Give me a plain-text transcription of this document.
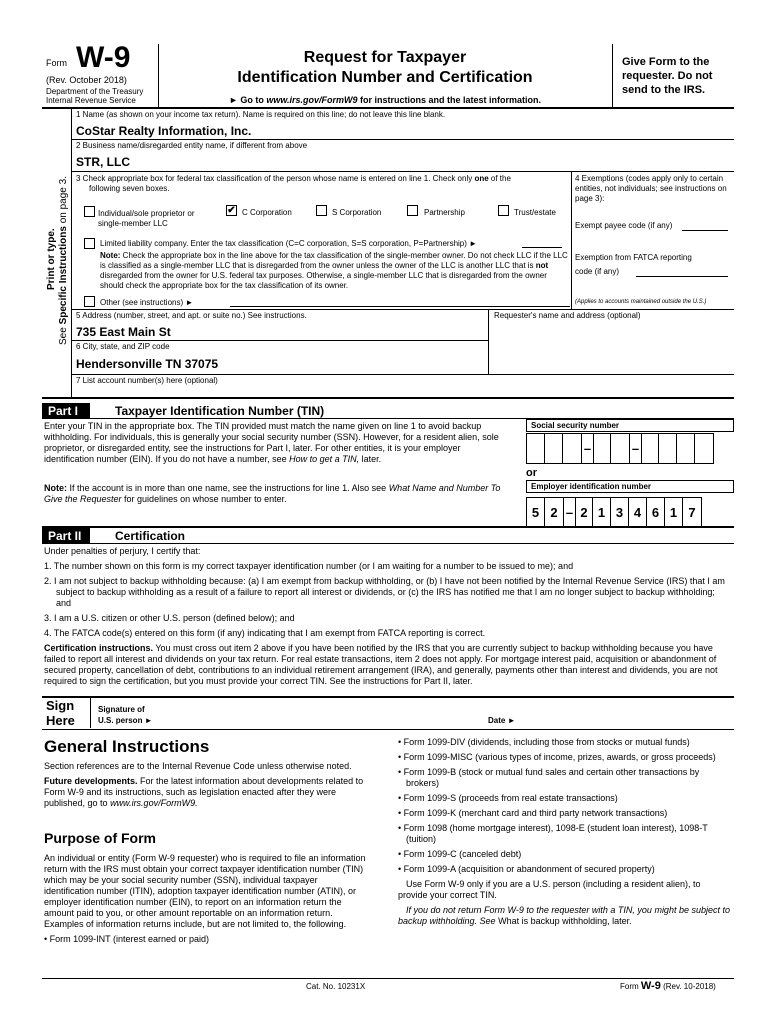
Form W-9
(Rev. October 2018)
Department of the Treasury
Internal Revenue Service
Request for Taxpayer
Identification Number and Certification
► Go to www.irs.gov/FormW9 for instructions and the latest information.
Give Form to the requester. Do not send to the IRS.
Print or type.
See Specific Instructions on page 3.
1 Name (as shown on your income tax return). Name is required on this line; do not leave this line blank.
CoStar Realty Information, Inc.
2 Business name/disregarded entity name, if different from above
STR, LLC
3 Check appropriate box for federal tax classification of the person whose name is entered on line 1. Check only one of the
following seven boxes.
Individual/sole proprietor or single-member LLC
✔ C Corporation	S Corporation	Partnership	Trust/estate
Limited liability company. Enter the tax classification (C=C corporation, S=S corporation, P=Partnership) ►
Note: Check the appropriate box in the line above for the tax classification of the single-member owner. Do not check LLC if the LLC is classified as a single-member LLC that is disregarded from the owner unless the owner of the LLC is another LLC that is not disregarded from the owner for U.S. federal tax purposes. Otherwise, a single-member LLC that is disregarded from the owner should check the appropriate box for the tax classification of its owner.
Other (see instructions) ►
4 Exemptions (codes apply only to certain entities, not individuals; see instructions on page 3):
Exempt payee code (if any)
Exemption from FATCA reporting
code (if any)
(Applies to accounts maintained outside the U.S.)
5 Address (number, street, and apt. or suite no.) See instructions.	Requester's name and address (optional)
735 East Main St
6 City, state, and ZIP code
Hendersonville TN 37075
7 List account number(s) here (optional)
Part I	Taxpayer Identification Number (TIN)
Enter your TIN in the appropriate box. The TIN provided must match the name given on line 1 to avoid backup withholding. For individuals, this is generally your social security number (SSN). However, for a resident alien, sole proprietor, or disregarded entity, see the instructions for Part I, later. For other entities, it is your employer identification number (EIN). If you do not have a number, see How to get a TIN, later.
Note: If the account is in more than one name, see the instructions for line 1. Also see What Name and Number To Give the Requester for guidelines on whose number to enter.
Social security number
–	–
or
Employer identification number
5 2 – 2 1 3 4 6 1 7
Part II	Certification

Under penalties of perjury, I certify that:

1. The number shown on this form is my correct taxpayer identification number (or I am waiting for a number to be issued to me); and

2. I am not subject to backup withholding because: (a) I am exempt from backup withholding, or (b) I have not been notified by the Internal Revenue Service (IRS) that I am subject to backup withholding as a result of a failure to report all interest or dividends, or (c) the IRS has notified me that I am no longer subject to backup withholding; and

3. I am a U.S. citizen or other U.S. person (defined below); and

4. The FATCA code(s) entered on this form (if any) indicating that I am exempt from FATCA reporting is correct.

Certification instructions. You must cross out item 2 above if you have been notified by the IRS that you are currently subject to backup withholding because you have failed to report all interest and dividends on your tax return. For real estate transactions, item 2 does not apply. For mortgage interest paid, acquisition or abandonment of secured property, cancellation of debt, contributions to an individual retirement arrangement (IRA), and generally, payments other than interest and dividends, you are not required to sign the certification, but you must provide your correct TIN. See the instructions for Part II, later.

Sign
Here
Signature of
U.S. person ►	Date ►
General Instructions

Section references are to the Internal Revenue Code unless otherwise noted.

Future developments. For the latest information about developments related to Form W-9 and its instructions, such as legislation enacted after they were published, go to www.irs.gov/FormW9.

Purpose of Form

An individual or entity (Form W-9 requester) who is required to file an information return with the IRS must obtain your correct taxpayer identification number (TIN) which may be your social security number (SSN), individual taxpayer identification number (ITIN), adoption taxpayer identification number (ATIN), or employer identification number (EIN), to report on an information return the amount paid to you, or other amount reportable on an information return. Examples of information returns include, but are not limited to, the following.

• Form 1099-INT (interest earned or paid)

• Form 1099-DIV (dividends, including those from stocks or mutual funds)

• Form 1099-MISC (various types of income, prizes, awards, or gross proceeds)

• Form 1099-B (stock or mutual fund sales and certain other transactions by brokers)

• Form 1099-S (proceeds from real estate transactions)

• Form 1099-K (merchant card and third party network transactions)

• Form 1098 (home mortgage interest), 1098-E (student loan interest), 1098-T (tuition)

• Form 1099-C (canceled debt)

• Form 1099-A (acquisition or abandonment of secured property)

Use Form W-9 only if you are a U.S. person (including a resident alien), to provide your correct TIN.

If you do not return Form W-9 to the requester with a TIN, you might be subject to backup withholding. See What is backup withholding, later.

Cat. No. 10231X	Form W-9 (Rev. 10-2018)
